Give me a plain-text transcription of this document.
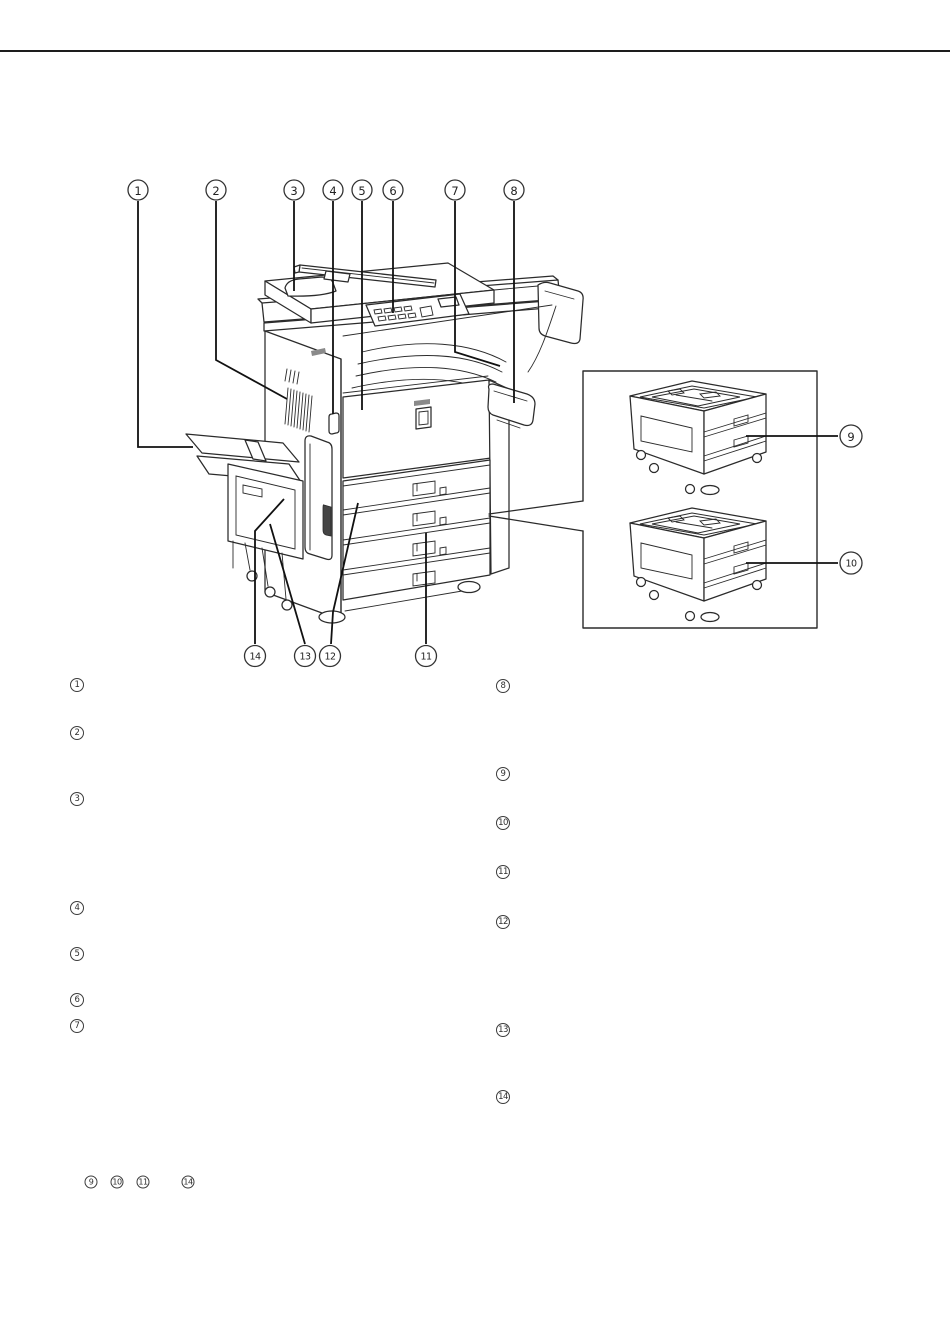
1	2	3	4 5 6	7	8
14	13 12	11
9
10
1
2
3
4
5
6
7
8
9
10
11
12
13
14
9	10 11	14
